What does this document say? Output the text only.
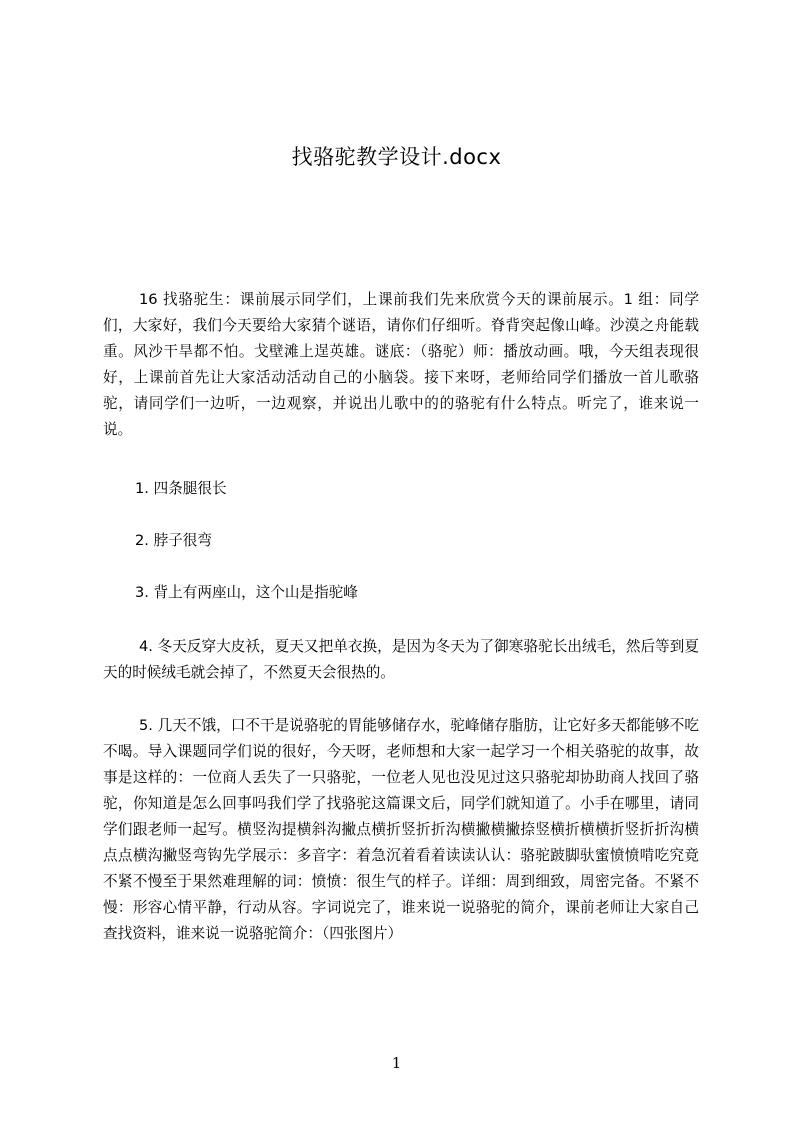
找骆驼教学设计.docx

16 找骆驼生：课前展示同学们，上课前我们先来欣赏今天的课前展示。1 组：同学们，大家好，我们今天要给大家猜个谜语，请你们仔细听。脊背突起像山峰。沙漠之舟能载重。风沙干旱都不怕。戈壁滩上逞英雄。谜底：（骆驼）师：播放动画。哦，今天组表现很好，上课前首先让大家活动活动自己的小脑袋。接下来呀，老师给同学们播放一首儿歌骆驼，请同学们一边听，一边观察，并说出儿歌中的的骆驼有什么特点。听完了，谁来说一说。

1. 四条腿很长

2. 脖子很弯

3. 背上有两座山，这个山是指驼峰

4. 冬天反穿大皮袄，夏天又把单衣换，是因为冬天为了御寒骆驼长出绒毛，然后等到夏天的时候绒毛就会掉了，不然夏天会很热的。

5. 几天不饿，口不干是说骆驼的胃能够储存水，驼峰储存脂肪，让它好多天都能够不吃不喝。导入课题同学们说的很好，今天呀，老师想和大家一起学习一个相关骆驼的故事，故事是这样的：一位商人丢失了一只骆驼，一位老人见也没见过这只骆驼却协助商人找回了骆驼，你知道是怎么回事吗我们学了找骆驼这篇课文后，同学们就知道了。小手在哪里，请同学们跟老师一起写。横竖沟提横斜沟撇点横折竖折折沟横撇横撇捺竖横折横横折竖折折沟横点点横沟撇竖弯钩先学展示：多音字：着急沉着看着读读认认：骆驼跛脚驮蜜愤愤啃吃究竟不紧不慢至于果然难理解的词：愤愤：很生气的样子。详细：周到细致，周密完备。不紧不慢：形容心情平静，行动从容。字词说完了，谁来说一说骆驼的简介，课前老师让大家自己查找资料，谁来说一说骆驼简介：（四张图片）

1
